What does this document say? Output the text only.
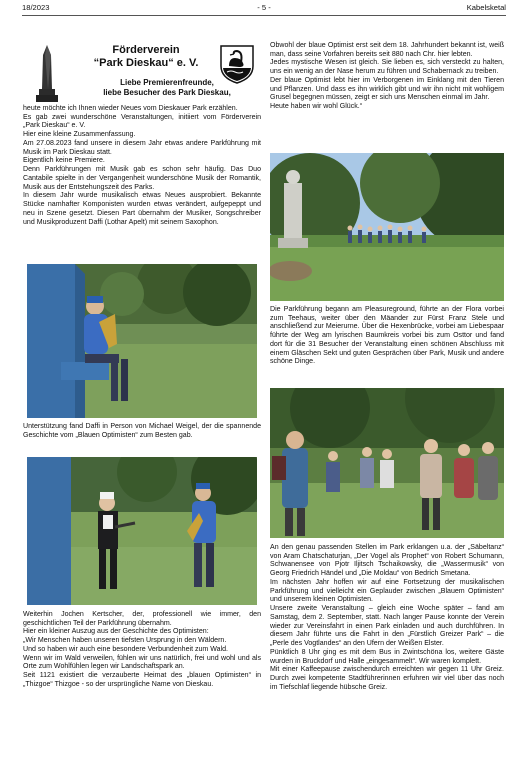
18/2023	- 5 -	Kabelsketal
Förderverein
“Park Dieskau“ e. V.
Liebe Premierenfreunde,
liebe Besucher des Park Dieskau,

heute möchte ich Ihnen wieder Neues vom Dieskauer Park erzählen.

Es gab zwei wunderschöne Veranstaltungen, initiiert vom Förderverein „Park Dieskau“ e. V.

Hier eine kleine Zusammenfassung.

Am 27.08.2023 fand unsere in diesem Jahr etwas andere Parkführung mit Musik im Park Dieskau statt.

Eigentlich keine Premiere.

Denn Parkführungen mit Musik gab es schon sehr häufig. Das Duo Cantabile spielte in der Vergangenheit wunderschöne Musik der Romantik, Musik aus der Entstehungszeit des Parks.

In diesem Jahr wurde musikalisch etwas Neues ausprobiert. Bekannte Stücke namhafter Komponisten wurden etwas verändert, aufgepeppt und neu in Szene gesetzt. Diesen Part übernahm der Musiker, Songschreiber und Musikproduzent Daffi (Lothar Apelt) mit seinem Saxophon.

Unterstützung fand Daffi in Person von Michael Weigel, der die spannende Geschichte vom „Blauen Optimisten“ zum Besten gab.

Weiterhin Jochen Kertscher, der, professionell wie immer, den geschichtlichen Teil der Parkführung übernahm.

Hier ein kleiner Auszug aus der Geschichte des Optimisten:

„Wir Menschen haben unseren tiefsten Ursprung in den Wäldern.

Und so haben wir auch eine besondere Verbundenheit zum Wald.

Wenn wir im Wald verweilen, fühlen wir uns natürlich, frei und wohl und als Orte zum Wohlfühlen legen wir Landschaftspark an.

Seit 1121 existiert die verzauberte Heimat des „blauen Optimisten“ in „Thizgoe“ Thizgoe - so der ursprüngliche Name von Dieskau.

Obwohl der blaue Optimist erst seit dem 18. Jahrhundert bekannt ist, weiß man, dass seine Vorfahren bereits seit 880 nach Chr. hier lebten.

Jedes mystische Wesen ist gleich. Sie lieben es, sich versteckt zu halten, uns ein wenig an der Nase herum zu führen und Schabernack zu treiben.

Der blaue Optimist lebt hier im Verborgenen im Einklang mit den Tieren und Pflanzen. Und dass es ihn wirklich gibt und wir ihn nicht mit wohligem Grusel begegnen müssen, zeigt er sich uns Menschen einmal im Jahr.

Heute haben wir wohl Glück.“

Die Parkführung begann am Pleasureground, führte an der Flora vorbei zum Teehaus, weiter über den Mäander zur Fürst Franz Stele und anschließend zur Meierurne. Über die Hexenbrücke, vorbei am Liebespaar führte der Weg am lyrischen Baumkreis vorbei bis zum Osttor und fand dort für die 31 Besucher der Veranstaltung einen schönen Abschluss mit einem Gläschen Sekt und guten Gesprächen über Park, Musik und andere schöne Dinge.

An den genau passenden Stellen im Park erklangen u.a. der „Säbeltanz“ von Aram Chatschaturjan, „Der Vogel als Prophet“ von Robert Schumann, Schwanensee von Pjotr Iljitsch Tschaikowsky, die „Wassermusik“ von Georg Friedrich Händel und „Die Moldau“ von Bedrich Smetana.

Im nächsten Jahr hoffen wir auf eine Fortsetzung der musikalischen Parkführung und vielleicht ein Geplauder zwischen „Blauem Optimisten“ und unserem kleinen Optimisten.

Unsere zweite Veranstaltung – gleich eine Woche später – fand am Samstag, dem 2. September, statt. Nach langer Pause konnte der Verein wieder zur Vereinsfahrt in einen Park einladen und auch durchführen. In diesem Jahr führte uns die Fahrt in den „Fürstlich Greizer Park“ – die „Perle des Vogtlandes“ an den Ufern der Weißen Elster.

Pünktlich 8 Uhr ging es mit dem Bus in Zwintschöna los, weitere Gäste wurden in Bruckdorf und Halle „eingesammelt“. Wir waren komplett.

Mit einer Kaffeepause zwischendurch erreichten wir gegen 11 Uhr Greiz. Durch zwei kompetente Stadtführerinnen erfuhren wir viel über das noch im Tiefschlaf liegende hübsche Greiz.
